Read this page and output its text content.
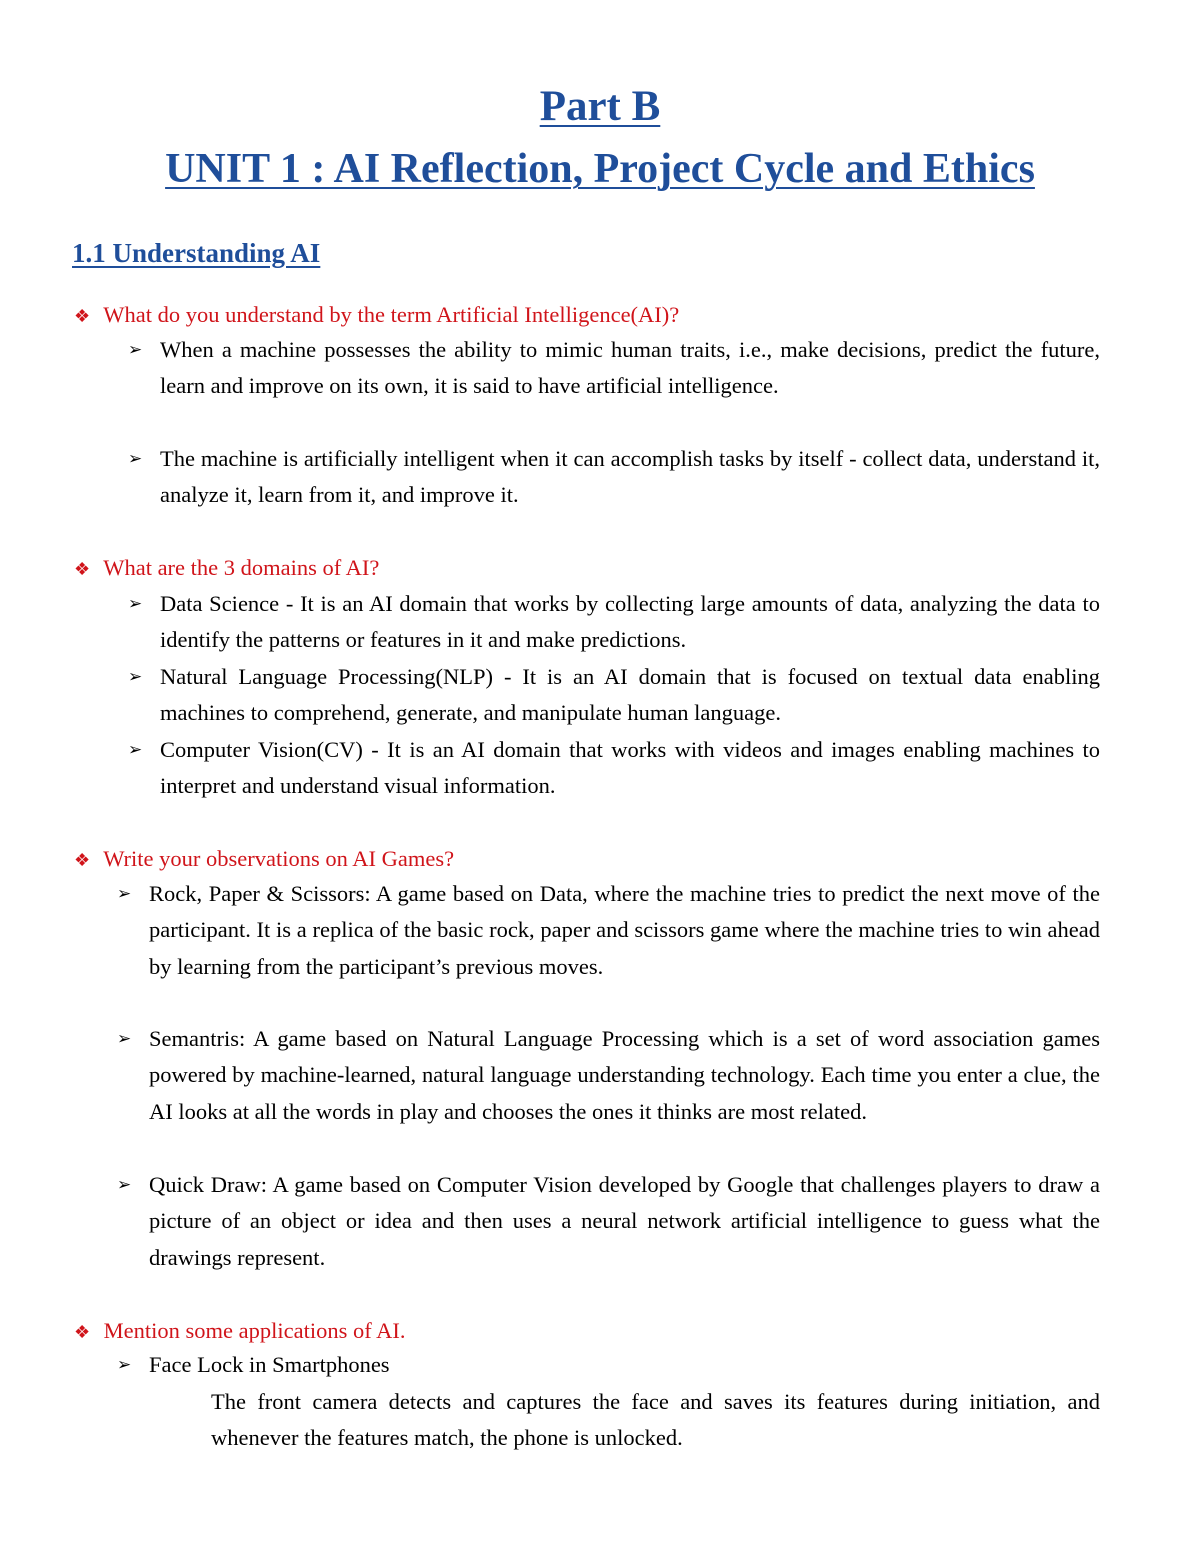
Part B
UNIT 1 : AI Reflection, Project Cycle and Ethics
1.1 Understanding AI

❖ What do you understand by the term Artificial Intelligence(AI)?

➢ When a machine possesses the ability to mimic human traits, i.e., make decisions, predict the future, learn and improve on its own, it is said to have artificial intelligence.
➢ The machine is artificially intelligent when it can accomplish tasks by itself - collect data, understand it, analyze it, learn from it, and improve it.

❖ What are the 3 domains of AI?

➢ Data Science - It is an AI domain that works by collecting large amounts of data, analyzing the data to identify the patterns or features in it and make predictions.
➢ Natural Language Processing(NLP) - It is an AI domain that is focused on textual data enabling machines to comprehend, generate, and manipulate human language.
➢ Computer Vision(CV) - It is an AI domain that works with videos and images enabling machines to interpret and understand visual information.

❖ Write your observations on AI Games?

➢ Rock, Paper & Scissors: A game based on Data, where the machine tries to predict the next move of the participant. It is a replica of the basic rock, paper and scissors game where the machine tries to win ahead by learning from the participant’s previous moves.
➢ Semantris: A game based on Natural Language Processing which is a set of word association games powered by machine-learned, natural language understanding technology. Each time you enter a clue, the AI looks at all the words in play and chooses the ones it thinks are most related.
➢ Quick Draw: A game based on Computer Vision developed by Google that challenges players to draw a picture of an object or idea and then uses a neural network artificial intelligence to guess what the drawings represent.

❖ Mention some applications of AI.

➢ Face Lock in Smartphones

The front camera detects and captures the face and saves its features during initiation, and whenever the features match, the phone is unlocked.
